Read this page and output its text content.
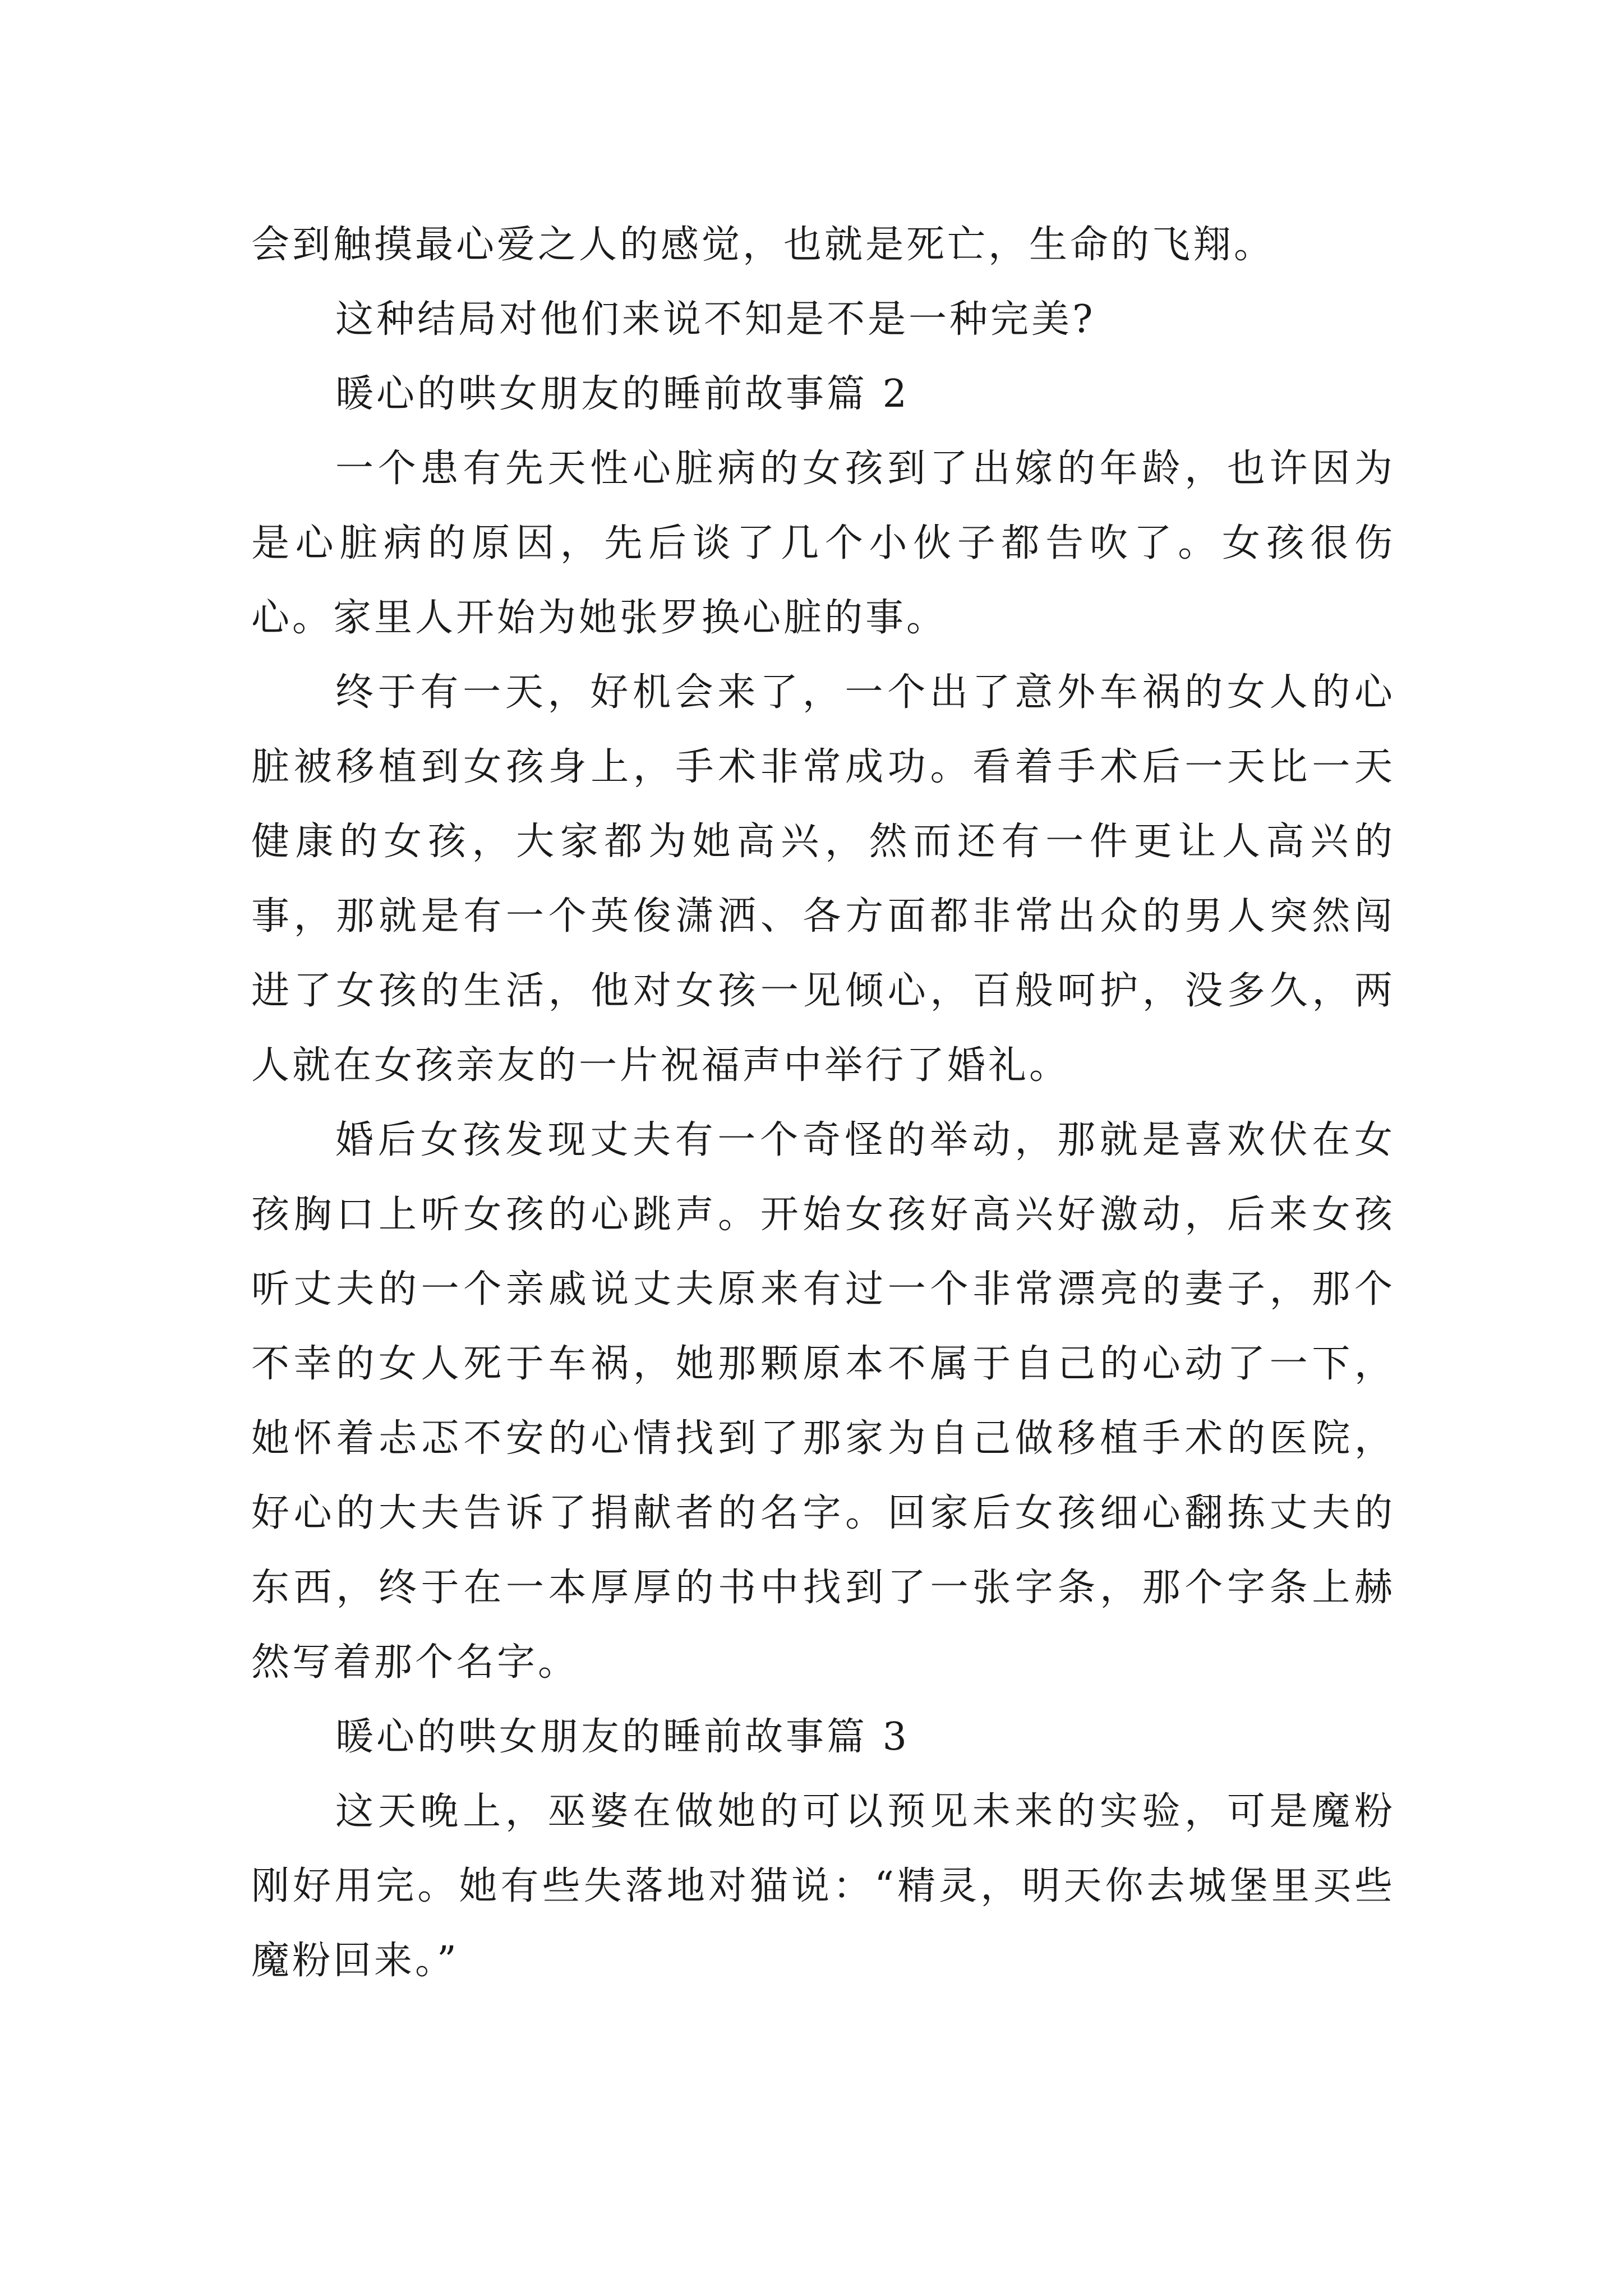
会到触摸最心爱之人的感觉，也就是死亡，生命的飞翔。

这种结局对他们来说不知是不是一种完美?

暖心的哄女朋友的睡前故事篇 2

一个患有先天性心脏病的女孩到了出嫁的年龄，也许因为是心脏病的原因，先后谈了几个小伙子都告吹了。女孩很伤心。家里人开始为她张罗换心脏的事。

终于有一天，好机会来了，一个出了意外车祸的女人的心脏被移植到女孩身上，手术非常成功。看着手术后一天比一天健康的女孩，大家都为她高兴，然而还有一件更让人高兴的事，那就是有一个英俊潇洒、各方面都非常出众的男人突然闯进了女孩的生活，他对女孩一见倾心，百般呵护，没多久，两人就在女孩亲友的一片祝福声中举行了婚礼。

婚后女孩发现丈夫有一个奇怪的举动，那就是喜欢伏在女孩胸口上听女孩的心跳声。开始女孩好高兴好激动，后来女孩听丈夫的一个亲戚说丈夫原来有过一个非常漂亮的妻子，那个不幸的女人死于车祸，她那颗原本不属于自己的心动了一下，她怀着忐忑不安的心情找到了那家为自己做移植手术的医院，好心的大夫告诉了捐献者的名字。回家后女孩细心翻拣丈夫的东西，终于在一本厚厚的书中找到了一张字条，那个字条上赫然写着那个名字。

暖心的哄女朋友的睡前故事篇 3

这天晚上，巫婆在做她的可以预见未来的实验，可是魔粉刚好用完。她有些失落地对猫说：“精灵，明天你去城堡里买些魔粉回来。”
